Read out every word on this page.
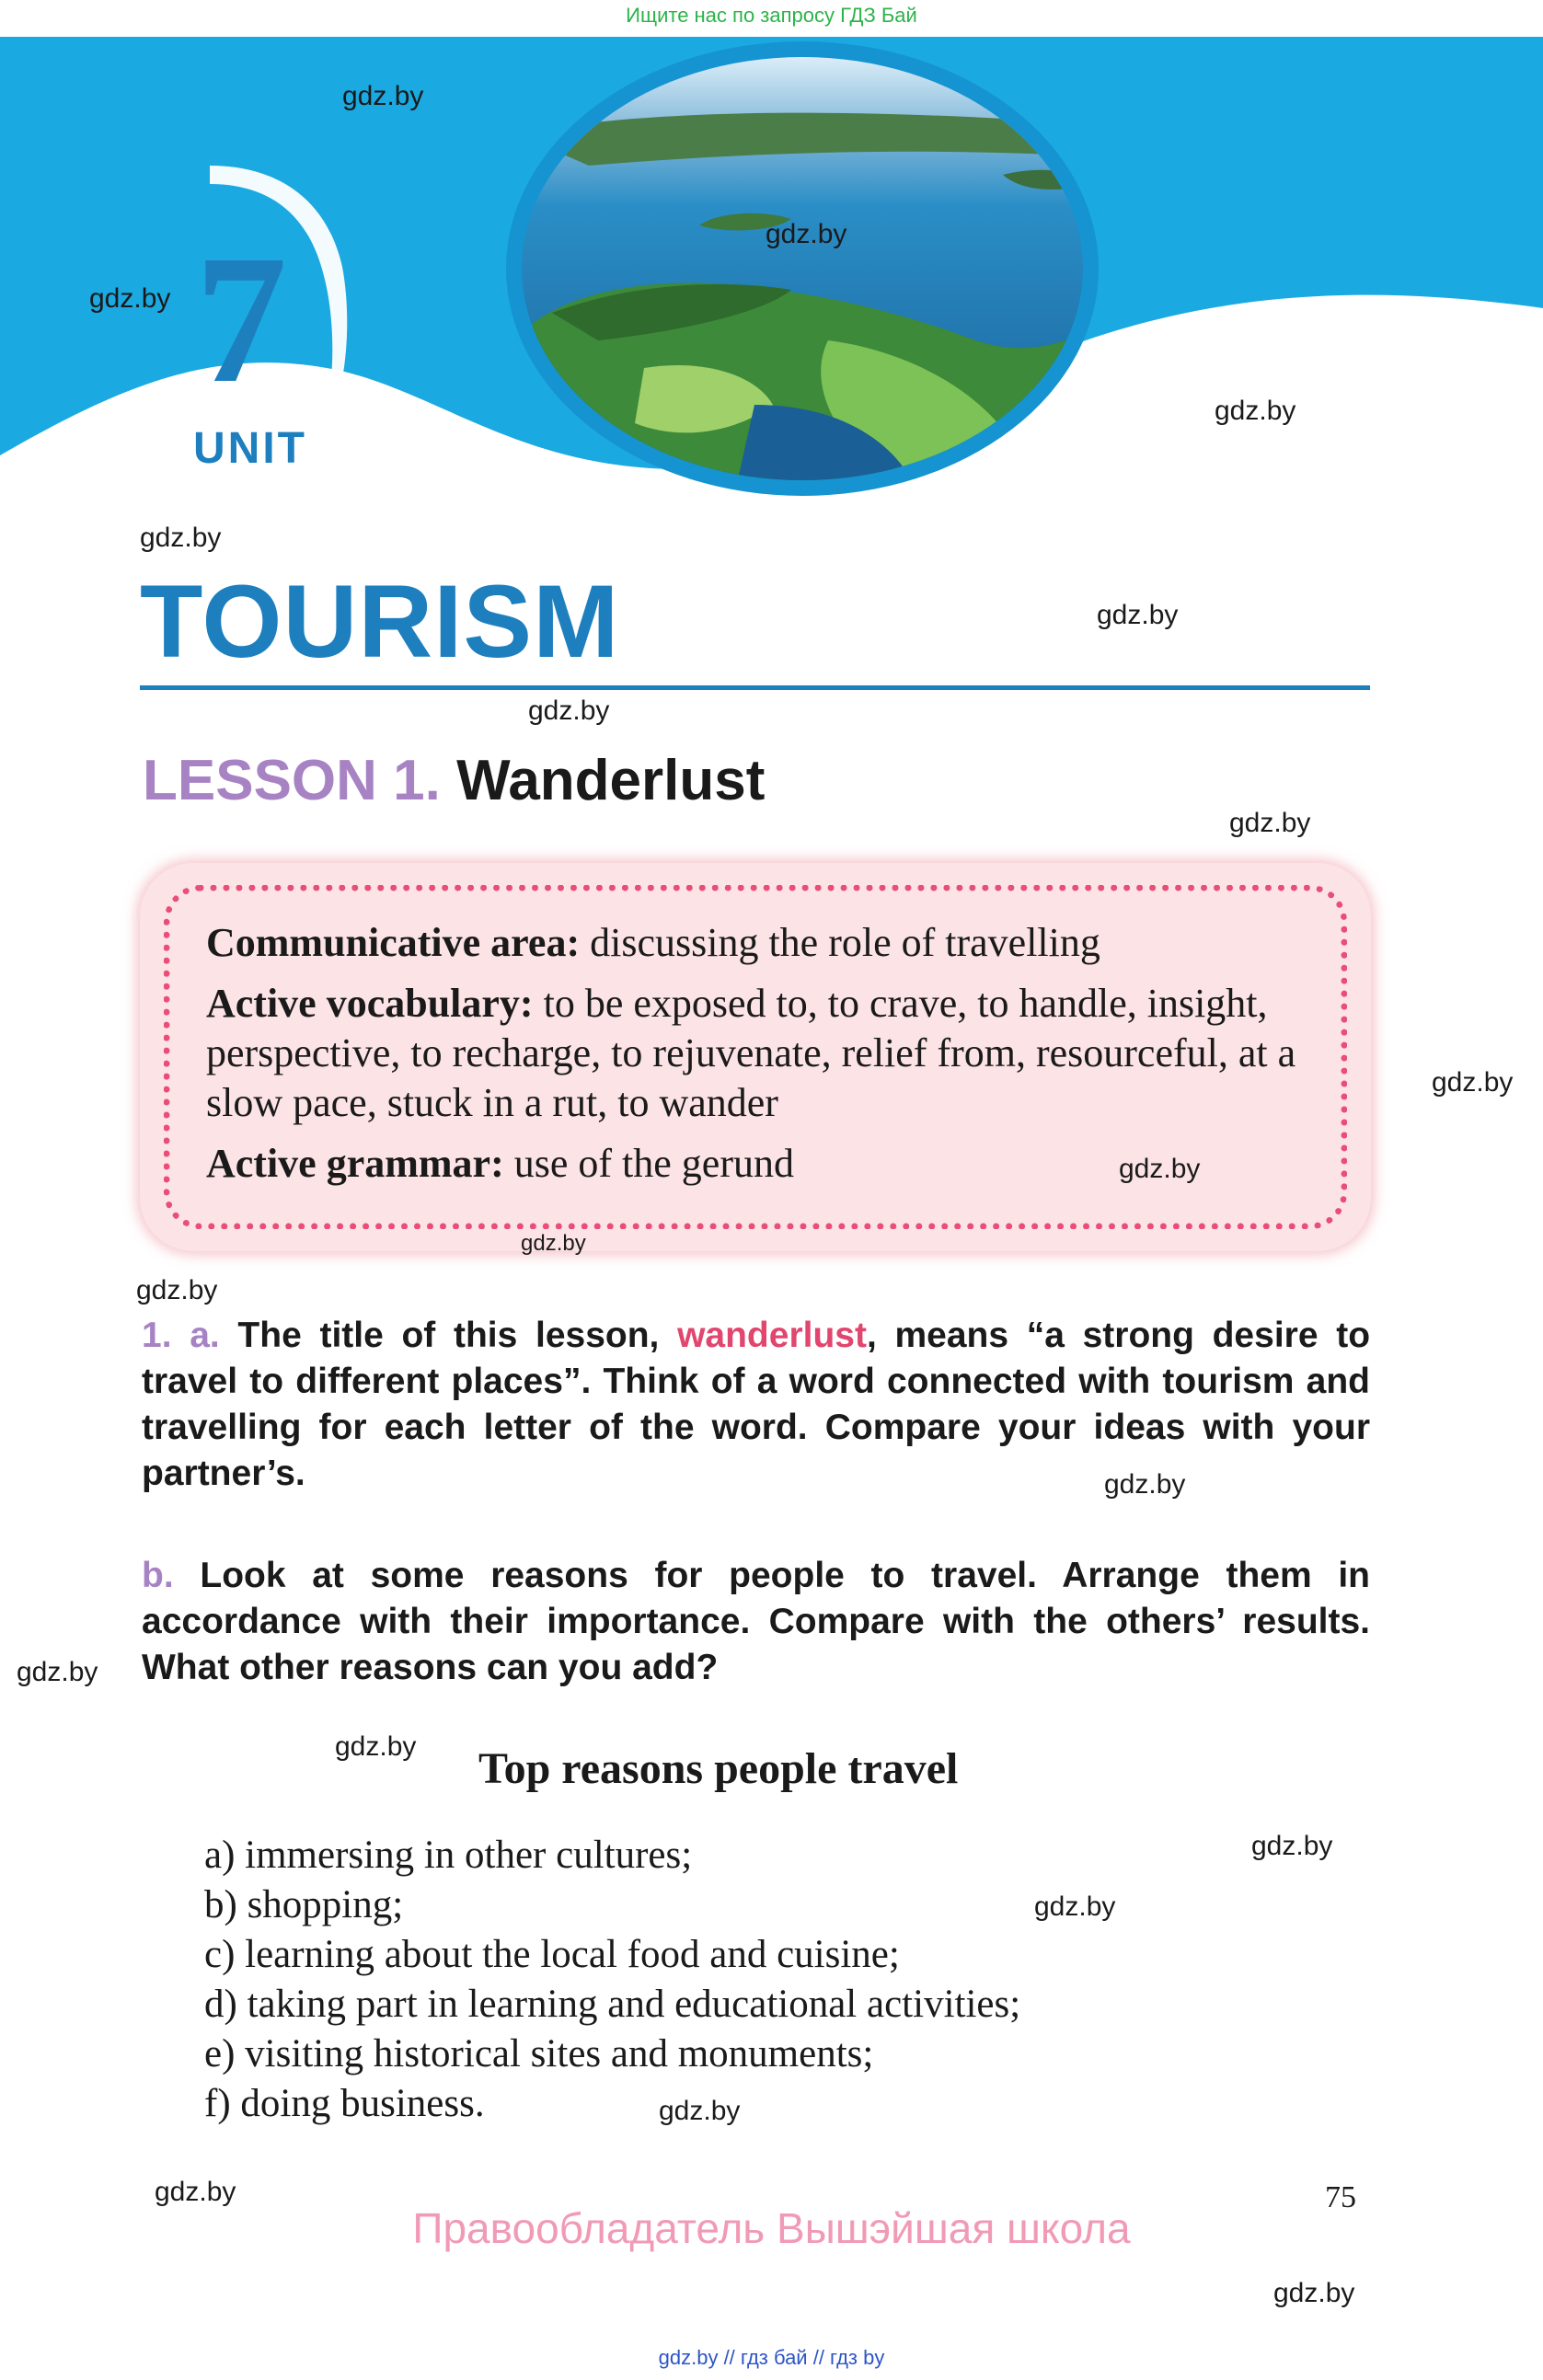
Ищите нас по запросу ГДЗ Бай
7
UNIT
TOURISM
LESSON 1. Wanderlust

Communicative area: discussing the role of travelling

Active vocabulary: to be exposed to, to crave, to handle, insight, perspective, to recharge, to rejuvenate, relief from, resourceful, at a slow pace, stuck in a rut, to wander

Active grammar: use of the gerund

1. a. The title of this lesson, wanderlust, means “a strong desire to travel to different places”. Think of a word connected with tourism and travelling for each letter of the word. Compare your ideas with your partner’s.
b. Look at some reasons for people to travel. Arrange them in accordance with their importance. Compare with the others’ results. What other reasons can you add?
Top reasons people travel
a) immersing in other cultures;
b) shopping;
c) learning about the local food and cuisine;
d) taking part in learning and educational activities;
e) visiting historical sites and monuments;
f) doing business.
75
Правообладатель Вышэйшая школа
gdz.by // гдз бай // гдз by
gdz.by
gdz.by
gdz.by
gdz.by
gdz.by
gdz.by
gdz.by
gdz.by
gdz.by
gdz.by
gdz.by
gdz.by
gdz.by
gdz.by
gdz.by
gdz.by
gdz.by
gdz.by
gdz.by
gdz.by
